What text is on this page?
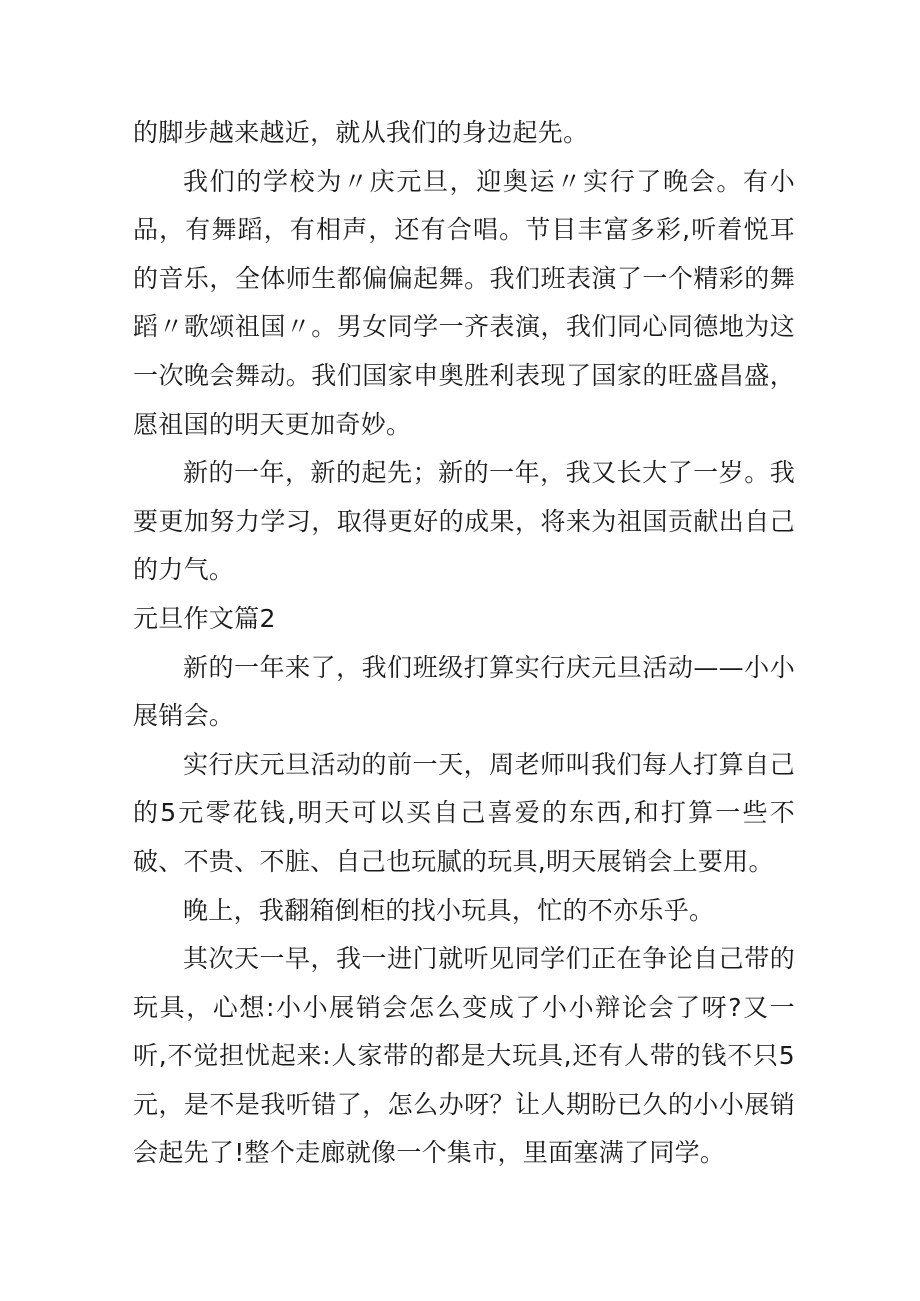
的脚步越来越近，就从我们的身边起先。

我们的学校为〃庆元旦，迎奥运〃实行了晚会。有小品，有舞蹈，有相声，还有合唱。节目丰富多彩,听着悦耳的音乐，全体师生都偏偏起舞。我们班表演了一个精彩的舞蹈〃歌颂祖国〃。男女同学一齐表演，我们同心同德地为这一次晚会舞动。我们国家申奥胜利表现了国家的旺盛昌盛，愿祖国的明天更加奇妙。

新的一年，新的起先；新的一年，我又长大了一岁。我要更加努力学习，取得更好的成果，将来为祖国贡献出自己的力气。

元旦作文篇2

新的一年来了，我们班级打算实行庆元旦活动——小小展销会。

实行庆元旦活动的前一天，周老师叫我们每人打算自己的5元零花钱,明天可以买自己喜爱的东西,和打算一些不破、不贵、不脏、自己也玩腻的玩具,明天展销会上要用。

晚上，我翻箱倒柜的找小玩具，忙的不亦乐乎。

其次天一早，我一进门就听见同学们正在争论自己带的玩具，心想:小小展销会怎么变成了小小辩论会了呀?又一听,不觉担忧起来:人家带的都是大玩具,还有人带的钱不只5元，是不是我听错了，怎么办呀？让人期盼已久的小小展销会起先了!整个走廊就像一个集市，里面塞满了同学。
